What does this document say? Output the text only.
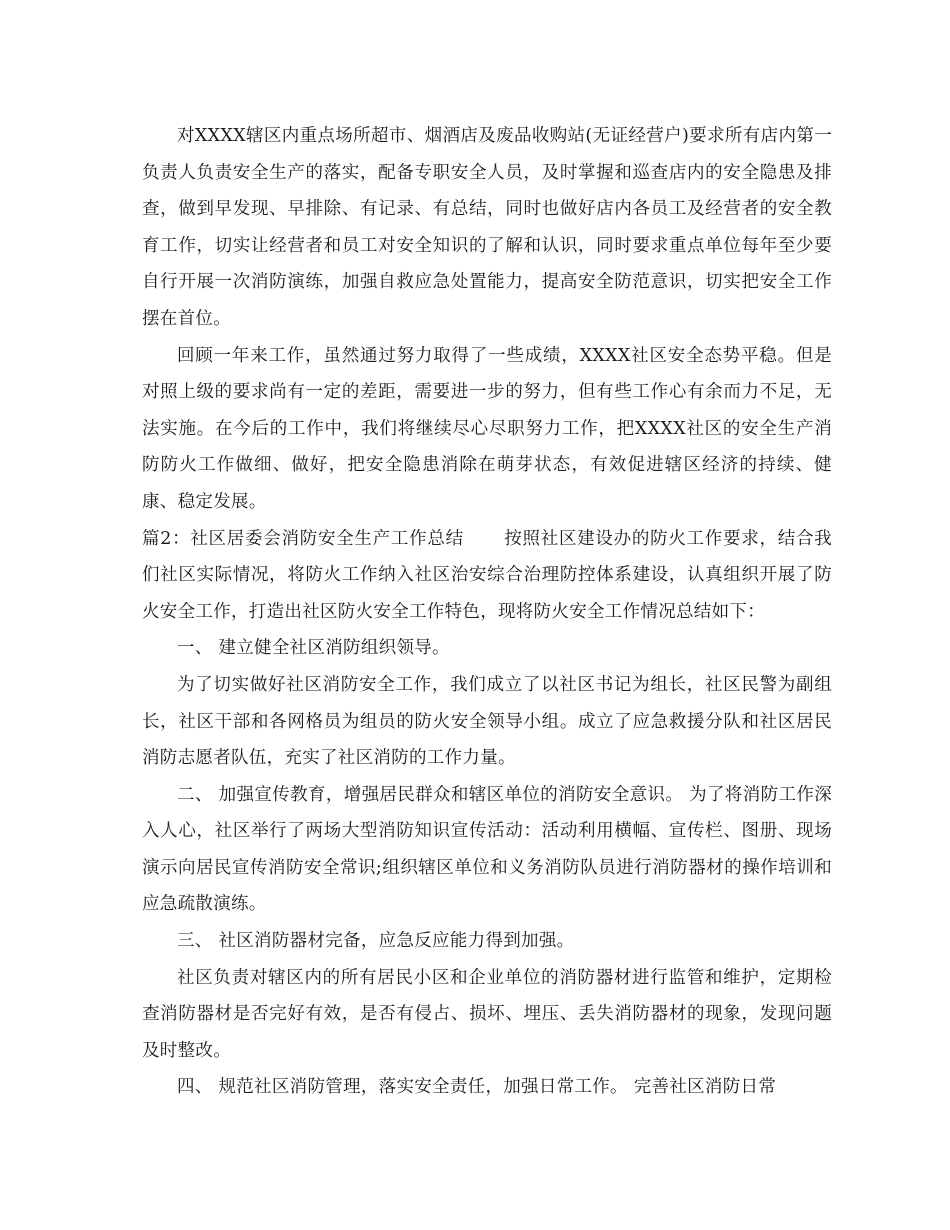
对XXXX辖区内重点场所超市、烟酒店及废品收购站(无证经营户)要求所有店内第一负责人负责安全生产的落实，配备专职安全人员，及时掌握和巡查店内的安全隐患及排查，做到早发现、早排除、有记录、有总结，同时也做好店内各员工及经营者的安全教育工作，切实让经营者和员工对安全知识的了解和认识，同时要求重点单位每年至少要自行开展一次消防演练，加强自救应急处置能力，提高安全防范意识，切实把安全工作摆在首位。

回顾一年来工作，虽然通过努力取得了一些成绩，XXXX社区安全态势平稳。但是对照上级的要求尚有一定的差距，需要进一步的努力，但有些工作心有余而力不足，无法实施。在今后的工作中，我们将继续尽心尽职努力工作，把XXXX社区的安全生产消防防火工作做细、做好，把安全隐患消除在萌芽状态，有效促进辖区经济的持续、健康、稳定发展。

篇2：社区居委会消防安全生产工作总结 按照社区建设办的防火工作要求，结合我们社区实际情况，将防火工作纳入社区治安综合治理防控体系建设，认真组织开展了防火安全工作，打造出社区防火安全工作特色，现将防火安全工作情况总结如下：

一、 建立健全社区消防组织领导。

为了切实做好社区消防安全工作，我们成立了以社区书记为组长，社区民警为副组长，社区干部和各网格员为组员的防火安全领导小组。成立了应急救援分队和社区居民消防志愿者队伍，充实了社区消防的工作力量。

二、 加强宣传教育，增强居民群众和辖区单位的消防安全意识。 为了将消防工作深入人心，社区举行了两场大型消防知识宣传活动：活动利用横幅、宣传栏、图册、现场演示向居民宣传消防安全常识;组织辖区单位和义务消防队员进行消防器材的操作培训和应急疏散演练。

三、 社区消防器材完备，应急反应能力得到加强。

社区负责对辖区内的所有居民小区和企业单位的消防器材进行监管和维护，定期检查消防器材是否完好有效，是否有侵占、损坏、埋压、丢失消防器材的现象，发现问题及时整改。

四、 规范社区消防管理，落实安全责任，加强日常工作。 完善社区消防日常
